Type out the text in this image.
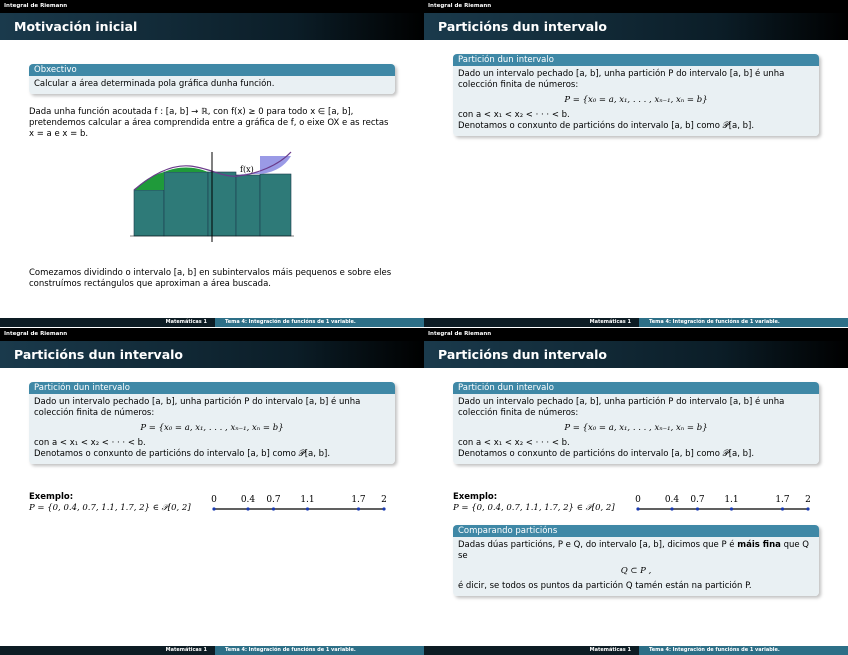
Integral de Riemann
Motivación inicial
Obxectivo
Calcular a área determinada pola gráfica dunha función.
Dada unha función acoutada f : [a, b] → ℝ, con f(x) ≥ 0 para todo x ∈ [a, b], pretendemos calcular a área comprendida entre a gráfica de f, o eixe OX e as rectas x = a e x = b.
f(x)
Comezamos dividindo o intervalo [a, b] en subintervalos máis pequenos e sobre eles construímos rectángulos que aproximan a área buscada.
Matemáticas 1	Tema 4: Integración de funcións de 1 variable.
Integral de Riemann
Particións dun intervalo
Partición dun intervalo
Dado un intervalo pechado [a, b], unha partición P do intervalo [a, b] é unha colección finita de números:
P = {x₀ = a, x₁, . . . , xₙ₋₁, xₙ = b}
con a < x₁ < x₂ < · · · < b.
Denotamos o conxunto de particións do intervalo [a, b] como 𝒫[a, b].
Matemáticas 1	Tema 4: Integración de funcións de 1 variable.
Integral de Riemann
Particións dun intervalo
Partición dun intervalo
Dado un intervalo pechado [a, b], unha partición P do intervalo [a, b] é unha colección finita de números:
P = {x₀ = a, x₁, . . . , xₙ₋₁, xₙ = b}
con a < x₁ < x₂ < · · · < b.
Denotamos o conxunto de particións do intervalo [a, b] como 𝒫[a, b].
Exemplo:
P = {0, 0.4, 0.7, 1.1, 1.7, 2} ∈ 𝒫[0, 2]
0	0.4 0.7 1.1	1.7 2
Matemáticas 1	Tema 4: Integración de funcións de 1 variable.
Integral de Riemann
Particións dun intervalo
Partición dun intervalo
Dado un intervalo pechado [a, b], unha partición P do intervalo [a, b] é unha colección finita de números:
P = {x₀ = a, x₁, . . . , xₙ₋₁, xₙ = b}
con a < x₁ < x₂ < · · · < b.
Denotamos o conxunto de particións do intervalo [a, b] como 𝒫[a, b].
Exemplo:
P = {0, 0.4, 0.7, 1.1, 1.7, 2} ∈ 𝒫[0, 2]
0	0.4 0.7 1.1	1.7 2
Comparando particións
Dadas dúas particións, P e Q, do intervalo [a, b], dicimos que P é máis fina que Q se
Q ⊂ P ,
é dicir, se todos os puntos da partición Q tamén están na partición P.
Matemáticas 1	Tema 4: Integración de funcións de 1 variable.
